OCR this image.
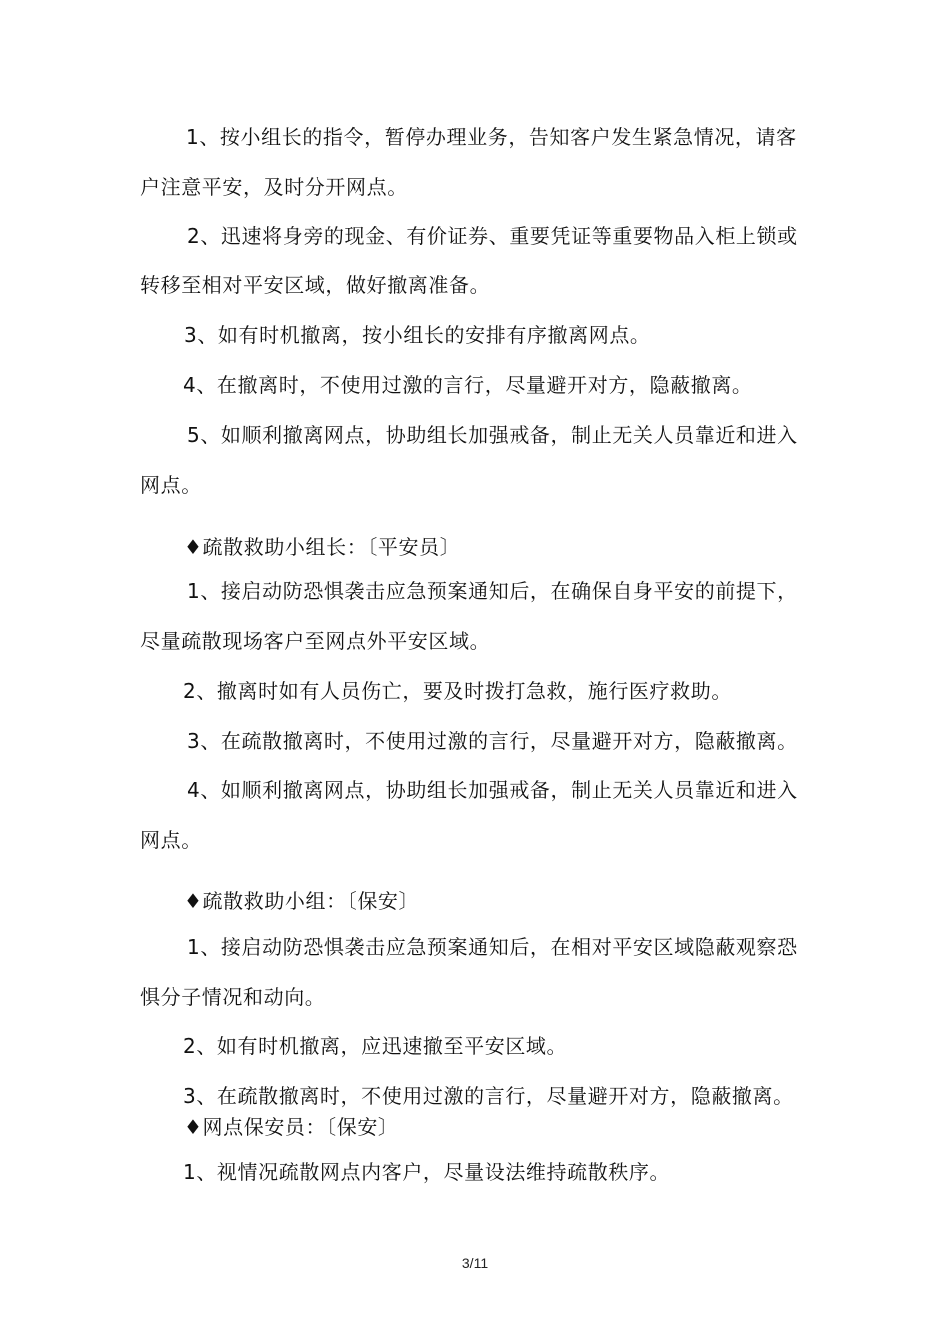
1、按小组长的指令，暂停办理业务，告知客户发生紧急情况，请客

户注意平安，及时分开网点。

2、迅速将身旁的现金、有价证券、重要凭证等重要物品入柜上锁或

转移至相对平安区域，做好撤离准备。

3、如有时机撤离，按小组长的安排有序撤离网点。

4、在撤离时，不使用过激的言行，尽量避开对方，隐蔽撤离。

5、如顺利撤离网点，协助组长加强戒备，制止无关人员靠近和进入

网点。

♦疏散救助小组长：〔平安员〕

1、接启动防恐惧袭击应急预案通知后，在确保自身平安的前提下，

尽量疏散现场客户至网点外平安区域。

2、撤离时如有人员伤亡，要及时拨打急救，施行医疗救助。

3、在疏散撤离时，不使用过激的言行，尽量避开对方，隐蔽撤离。

4、如顺利撤离网点，协助组长加强戒备，制止无关人员靠近和进入

网点。

♦疏散救助小组：〔保安〕

1、接启动防恐惧袭击应急预案通知后，在相对平安区域隐蔽观察恐

惧分子情况和动向。

2、如有时机撤离，应迅速撤至平安区域。

3、在疏散撤离时，不使用过激的言行，尽量避开对方，隐蔽撤离。

♦网点保安员：〔保安〕

1、视情况疏散网点内客户，尽量设法维持疏散秩序。

3/11
